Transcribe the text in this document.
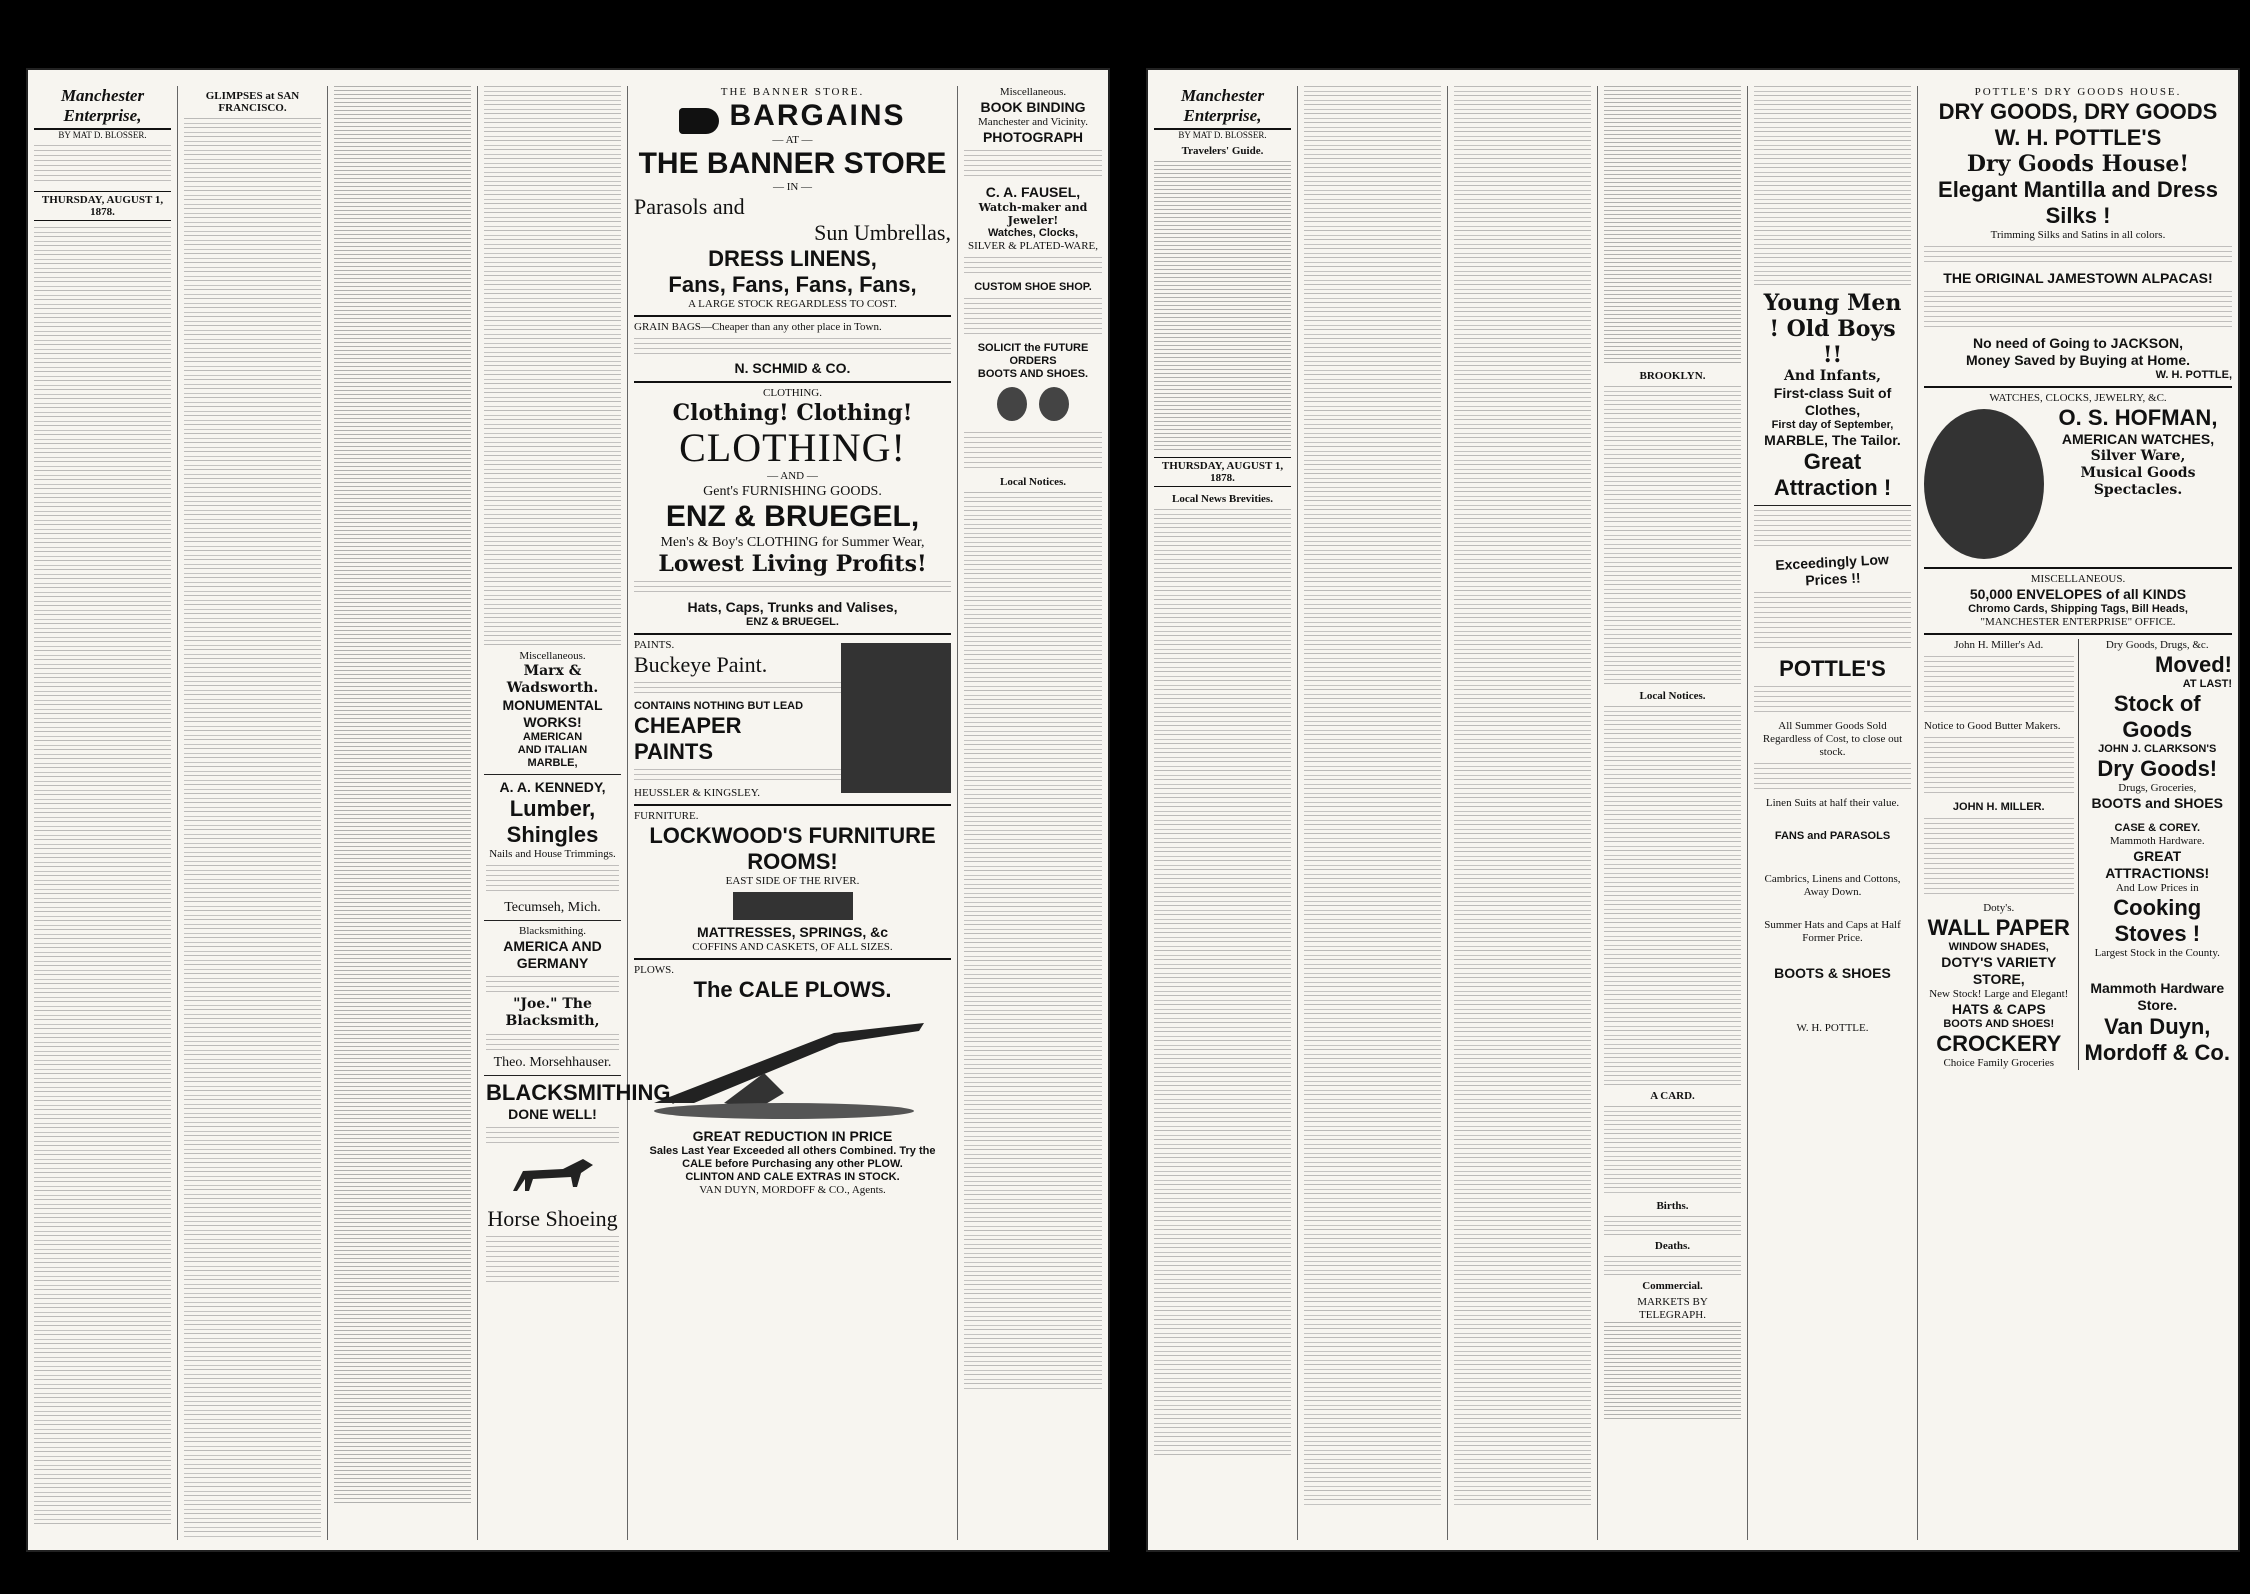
Manchester Enterprise,
BY MAT D. BLOSSER.
THURSDAY, AUGUST 1, 1878.
GLIMPSES at SAN FRANCISCO.
Miscellaneous.
Marx & Wadsworth.
MONUMENTAL WORKS!
AMERICAN
AND ITALIAN
MARBLE,
A. A. KENNEDY,
Lumber, Shingles
Nails and House Trimmings.
Tecumseh, Mich.
Blacksmithing.
AMERICA AND GERMANY
"Joe." The Blacksmith,
Theo. Morsehhauser.
BLACKSMITHING,
DONE WELL!
Horse Shoeing
THE BANNER STORE.
BARGAINS
— AT —
THE BANNER STORE
— IN —
Parasols and
Sun Umbrellas,
DRESS LINENS,
Fans, Fans, Fans, Fans,
A LARGE STOCK REGARDLESS TO COST.
GRAIN BAGS—Cheaper than any other place in Town.
N. SCHMID & CO.
CLOTHING.
Clothing! Clothing!
CLOTHING!
— AND —
Gent's FURNISHING GOODS.
ENZ & BRUEGEL,
Men's & Boy's CLOTHING for Summer Wear,
Lowest Living Profits!
Hats, Caps, Trunks and Valises,
ENZ & BRUEGEL.
PAINTS.
Buckeye Paint.
CONTAINS NOTHING BUT LEAD
CHEAPER
PAINTS
HEUSSLER & KINGSLEY.
FURNITURE.
LOCKWOOD'S FURNITURE ROOMS!
EAST SIDE OF THE RIVER.
MATTRESSES, SPRINGS, &c
COFFINS AND CASKETS, OF ALL SIZES.
PLOWS.
The CALE PLOWS.
GREAT REDUCTION IN PRICE
Sales Last Year Exceeded all others Combined. Try the CALE before Purchasing any other PLOW.
CLINTON AND CALE EXTRAS IN STOCK.
VAN DUYN, MORDOFF & CO., Agents.
Miscellaneous.
BOOK BINDING
Manchester and Vicinity.
PHOTOGRAPH
C. A. FAUSEL,
Watch-maker and Jeweler!
Watches, Clocks,
SILVER & PLATED-WARE,
CUSTOM SHOE SHOP.
SOLICIT the FUTURE ORDERS
BOOTS AND SHOES.

Local Notices.
Manchester Enterprise,
BY MAT D. BLOSSER.
Travelers' Guide.
THURSDAY, AUGUST 1, 1878.
Local News Brevities.
BROOKLYN.
Local Notices.
A CARD.
Births.
Deaths.
Commercial.
MARKETS BY TELEGRAPH.
Young Men ! Old Boys !!
And Infants,
First-class Suit of Clothes,
First day of September,
MARBLE, The Tailor.
Great Attraction !
Exceedingly Low Prices !!
POTTLE'S
All Summer Goods Sold Regardless of Cost, to close out stock.
Linen Suits at half their value.
FANS and PARASOLS
Cambrics, Linens and Cottons, Away Down.
Summer Hats and Caps at Half Former Price.
BOOTS & SHOES
W. H. POTTLE.
POTTLE'S DRY GOODS HOUSE.
DRY GOODS, DRY GOODS
W. H. POTTLE'S
Dry Goods House!
Elegant Mantilla and Dress Silks !
Trimming Silks and Satins in all colors.
THE ORIGINAL JAMESTOWN ALPACAS!
No need of Going to JACKSON,
Money Saved by Buying at Home.
W. H. POTTLE,
WATCHES, CLOCKS, JEWELRY, &C.
O. S. HOFMAN,
AMERICAN WATCHES,
Silver Ware,
Musical Goods
Spectacles.
MISCELLANEOUS.
50,000 ENVELOPES of all KINDS
Chromo Cards, Shipping Tags, Bill Heads,
"MANCHESTER ENTERPRISE" OFFICE.
John H. Miller's Ad.
Notice to Good Butter Makers.
JOHN H. MILLER.
Doty's.
WALL PAPER
WINDOW SHADES,
DOTY'S VARIETY STORE,
New Stock! Large and Elegant!
HATS & CAPS
BOOTS AND SHOES!
CROCKERY
Choice Family Groceries
Dry Goods, Drugs, &c.
Moved!
AT LAST!
Stock of Goods
JOHN J. CLARKSON'S
Dry Goods!
Drugs, Groceries,
BOOTS and SHOES
CASE & COREY.
Mammoth Hardware.
GREAT ATTRACTIONS!
And Low Prices in
Cooking Stoves !
Largest Stock in the County.
Mammoth Hardware Store.
Van Duyn,
Mordoff & Co.
